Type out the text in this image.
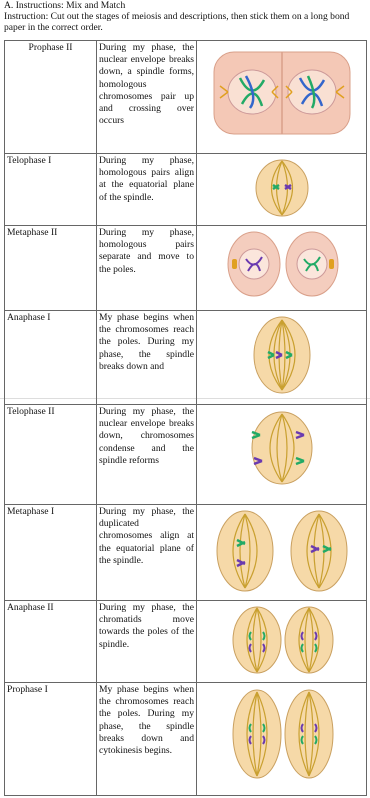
A. Instructions: Mix and Match
Instruction: Cut out the stages of meiosis and descriptions, then stick them on a long bond paper in the correct order.
Prophase II	During my phase, the nuclear envelope breaks down, a spindle forms, homologous chromosomes pair up and crossing over occurs	

Telophase I	During my phase, homologous pairs align at the equatorial plane of the spindle.	

Metaphase II	During my phase, homologous pairs separate and move to the poles.	

Anaphase I	My phase begins when the chromosomes reach the poles. During my phase, the spindle breaks down and	

Telophase II	During my phase, the nuclear envelope breaks down, chromosomes condense and the spindle reforms	

Metaphase I	During my phase, the duplicated chromosomes align at the equatorial plane of the spindle.	

Anaphase II	During my phase, the chromatids move towards the poles of the spindle.	

Prophase I	My phase begins when the chromosomes reach the poles. During my phase, the spindle breaks down and cytokinesis begins.	
